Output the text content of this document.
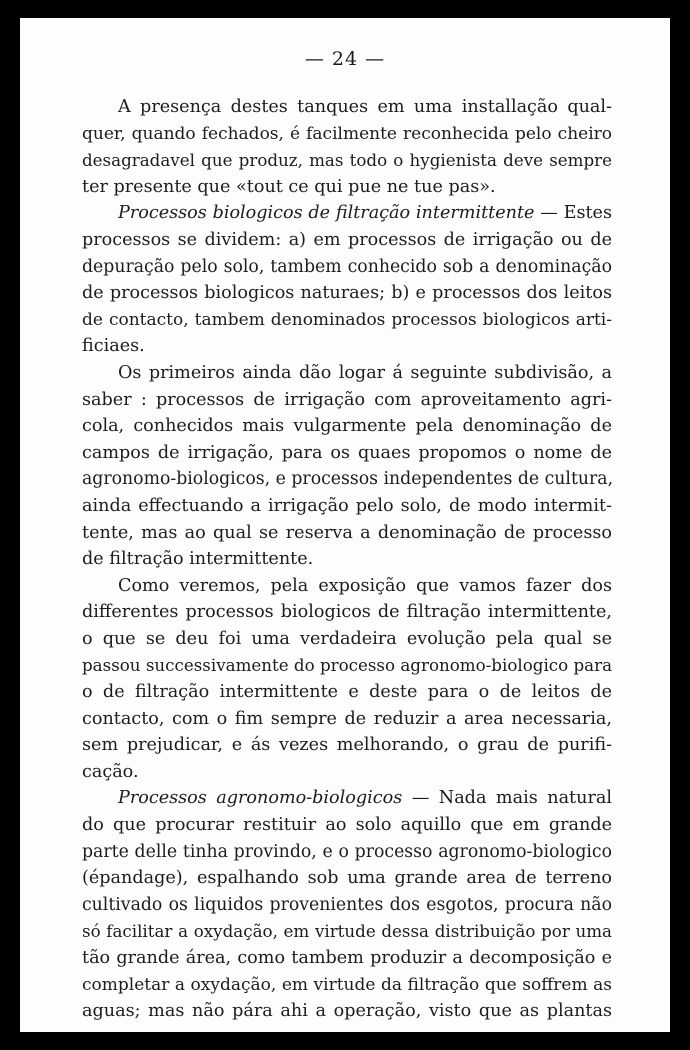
— 24 —
A presença destes tanques em uma installação qual-
quer, quando fechados, é facilmente reconhecida pelo cheiro
desagradavel que produz, mas todo o hygienista deve sempre
ter presente que «tout ce qui pue ne tue pas».
Processos biologicos de filtração intermittente — Estes
processos se dividem: a) em processos de irrigação ou de
depuração pelo solo, tambem conhecido sob a denominação
de processos biologicos naturaes; b) e processos dos leitos
de contacto, tambem denominados processos biologicos arti-
ficiaes.
Os primeiros ainda dão logar á seguinte subdivisão, a
saber : processos de irrigação com aproveitamento agri-
cola, conhecidos mais vulgarmente pela denominação de
campos de irrigação, para os quaes propomos o nome de
agronomo-biologicos, e processos independentes de cultura,
ainda effectuando a irrigação pelo solo, de modo intermit-
tente, mas ao qual se reserva a denominação de processo
de filtração intermittente.
Como veremos, pela exposição que vamos fazer dos
differentes processos biologicos de filtração intermittente,
o que se deu foi uma verdadeira evolução pela qual se
passou successivamente do processo agronomo-biologico para
o de filtração intermittente e deste para o de leitos de
contacto, com o fim sempre de reduzir a area necessaria,
sem prejudicar, e ás vezes melhorando, o grau de purifi-
cação.
Processos agronomo-biologicos — Nada mais natural
do que procurar restituir ao solo aquillo que em grande
parte delle tinha provindo, e o processo agronomo-biologico
(épandage), espalhando sob uma grande area de terreno
cultivado os liquidos provenientes dos esgotos, procura não
só facilitar a oxydação, em virtude dessa distribuição por uma
tão grande área, como tambem produzir a decomposição e
completar a oxydação, em virtude da filtração que soffrem as
aguas; mas não pára ahi a operação, visto que as plantas
